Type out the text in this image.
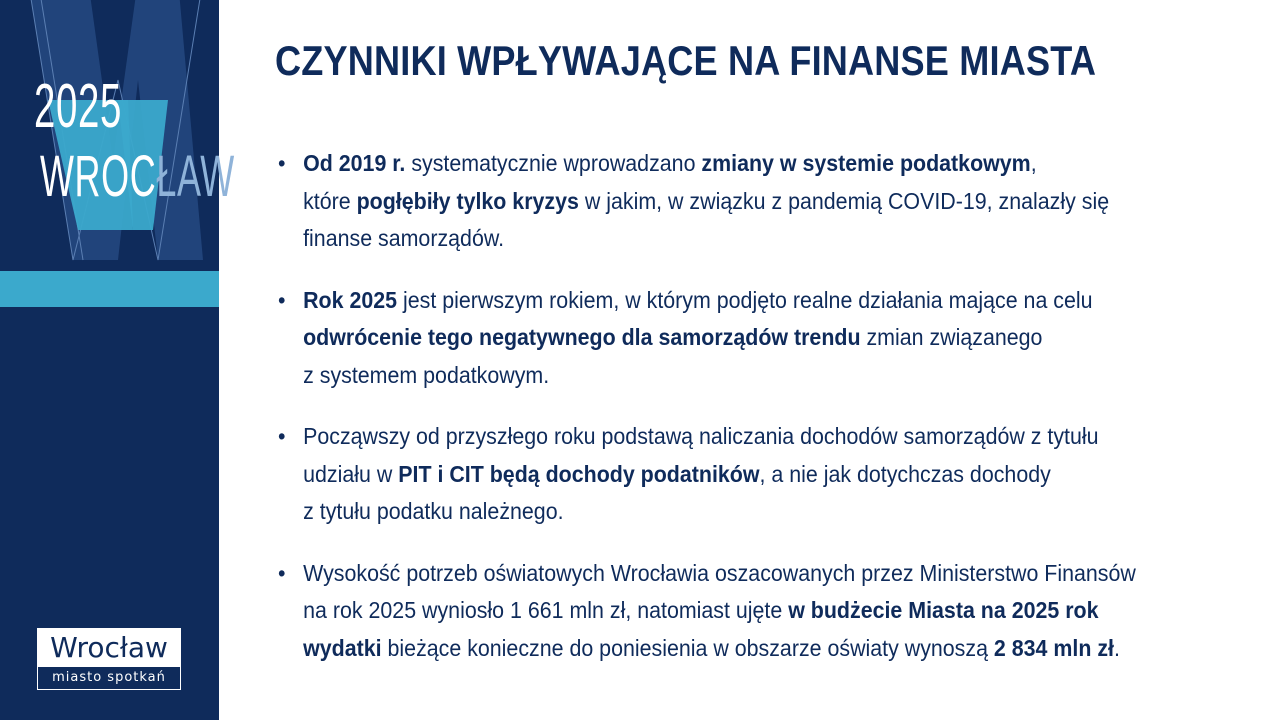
2025
WROCŁAW
Wrocław
miasto spotkań
CZYNNIKI WPŁYWAJĄCE NA FINANSE MIASTA
• Od 2019 r. systematycznie wprowadzano zmiany w systemie podatkowym,
które pogłębiły tylko kryzys w jakim, w związku z pandemią COVID-19, znalazły się
finanse samorządów.
• Rok 2025 jest pierwszym rokiem, w którym podjęto realne działania mające na celu
odwrócenie tego negatywnego dla samorządów trendu zmian związanego
z systemem podatkowym.
• Począwszy od przyszłego roku podstawą naliczania dochodów samorządów z tytułu
udziału w PIT i CIT będą dochody podatników, a nie jak dotychczas dochody
z tytułu podatku należnego.
• Wysokość potrzeb oświatowych Wrocławia oszacowanych przez Ministerstwo Finansów
na rok 2025 wyniosło 1 661 mln zł, natomiast ujęte w budżecie Miasta na 2025 rok
wydatki bieżące konieczne do poniesienia w obszarze oświaty wynoszą 2 834 mln zł.
